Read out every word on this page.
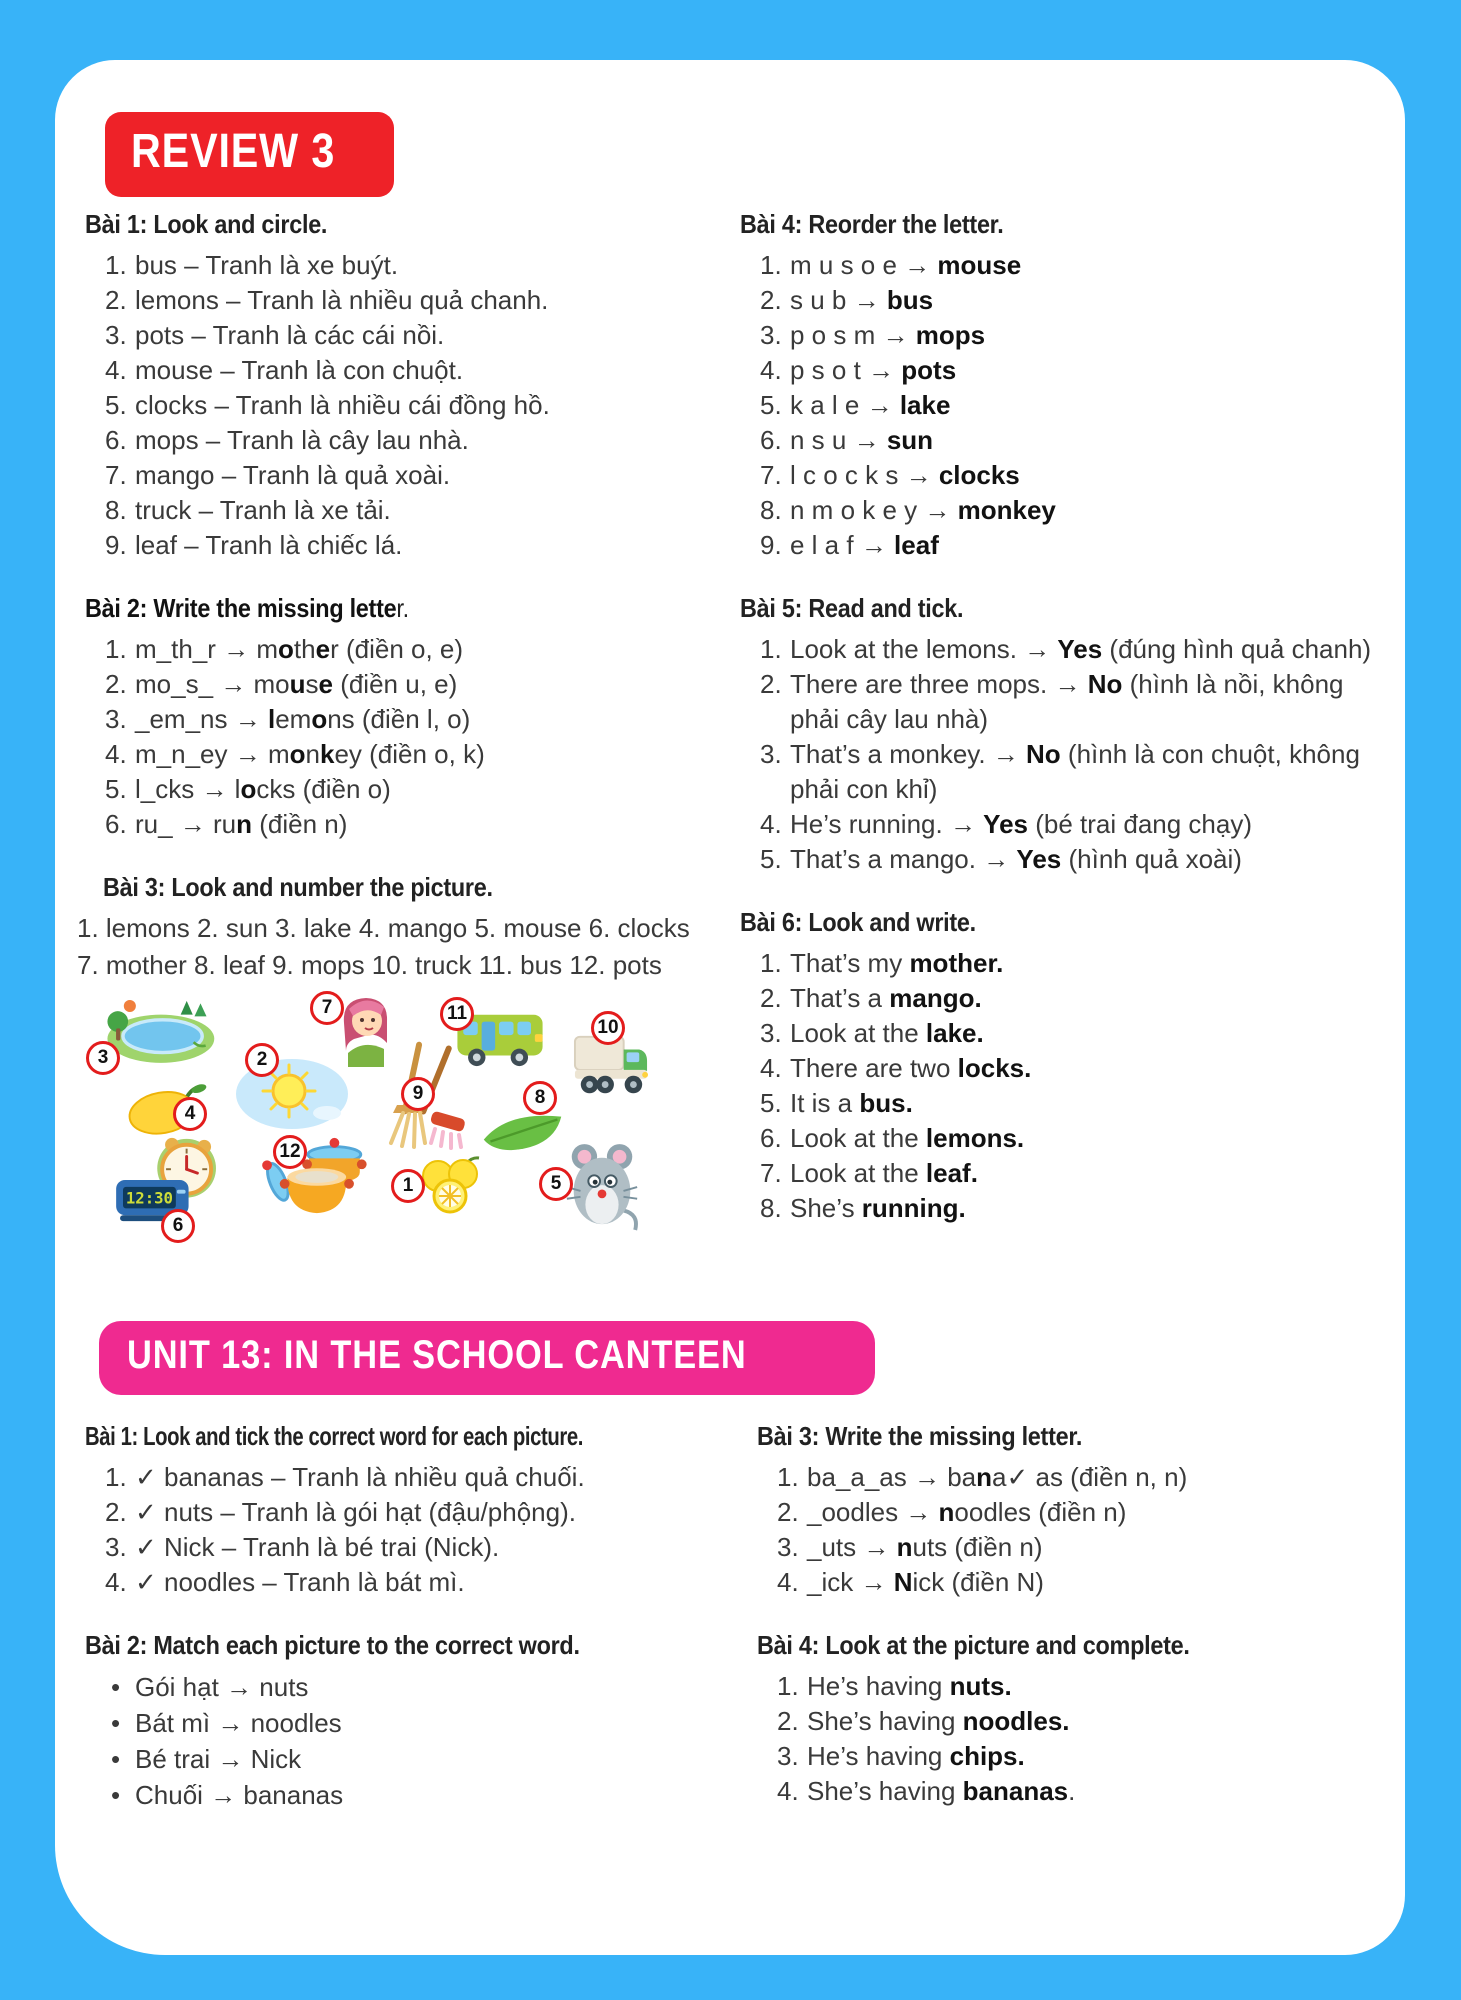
REVIEW 3
Bài 1: Look and circle.
bus – Tranh là xe buýt.
lemons – Tranh là nhiều quả chanh.
pots – Tranh là các cái nồi.
mouse – Tranh là con chuột.
clocks – Tranh là nhiều cái đồng hồ.
mops – Tranh là cây lau nhà.
mango – Tranh là quả xoài.
truck – Tranh là xe tải.
leaf – Tranh là chiếc lá.
Bài 2: Write the missing letter.
m_th_r → mother (điền o, e)
mo_s_ → mouse (điền u, e)
_em_ns → lemons (điền l, o)
m_n_ey → monkey (điền o, k)
l_cks → locks (điền o)
ru_ → run (điền n)
Bài 3: Look and number the picture.

1. lemons 2. sun 3. lake 4. mango 5. mouse 6. clocks

7. mother 8. leaf 9. mops 10. truck 11. bus 12. pots

3
7	11
10
2
4
9	8
12:30
6
12
1	5
Bài 4: Reorder the letter.
m u s o e → mouse
s u b → bus
p o s m → mops
p s o t → pots
k a l e → lake
n s u → sun
l c o c k s → clocks
n m o k e y → monkey
e l a f → leaf
Bài 5: Read and tick.
Look at the lemons. → Yes (đúng hình quả chanh)
There are three mops. → No (hình là nồi, không phải cây lau nhà)
That’s a monkey. → No (hình là con chuột, không phải con khỉ)
He’s running. → Yes (bé trai đang chạy)
That’s a mango. → Yes (hình quả xoài)
Bài 6: Look and write.
That’s my mother.
That’s a mango.
Look at the lake.
There are two locks.
It is a bus.
Look at the lemons.
Look at the leaf.
She’s running.
UNIT 13: IN THE SCHOOL CANTEEN
Bài 1: Look and tick the correct word for each picture.
✓ bananas – Tranh là nhiều quả chuối.
✓ nuts – Tranh là gói hạt (đậu/phộng).
✓ Nick – Tranh là bé trai (Nick).
✓ noodles – Tranh là bát mì.
Bài 2: Match each picture to the correct word.
• Gói hạt → nuts
• Bát mì → noodles
• Bé trai → Nick
• Chuối → bananas
Bài 3: Write the missing letter.
ba_a_as → bana✓ as (điền n, n)
_oodles → noodles (điền n)
_uts → nuts (điền n)
_ick → Nick (điền N)
Bài 4: Look at the picture and complete.
He’s having nuts.
She’s having noodles.
He’s having chips.
She’s having bananas.
